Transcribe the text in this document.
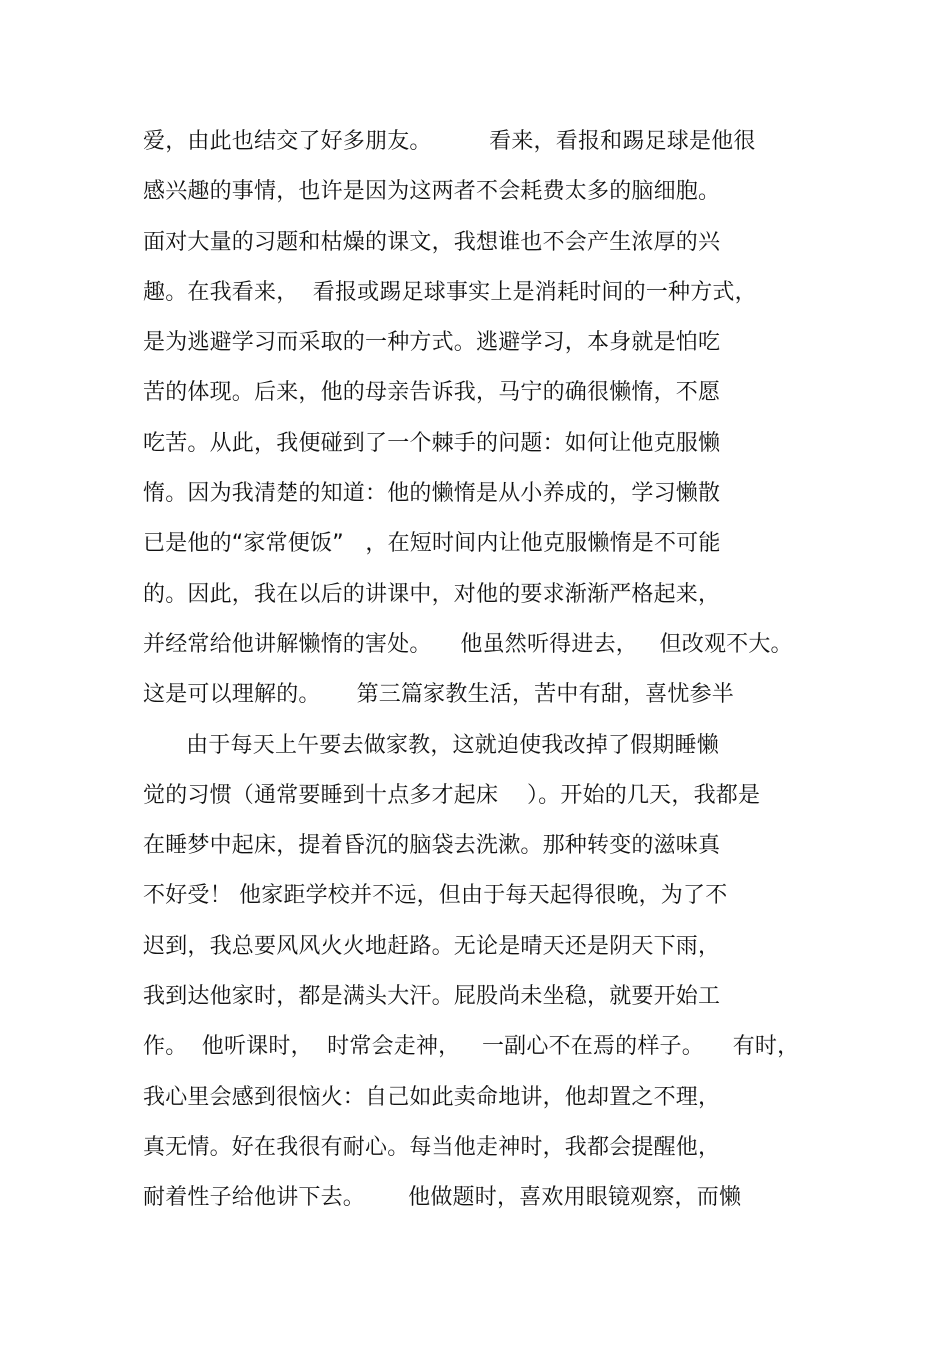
爱，由此也结交了好多朋友。        看来，看报和踢足球是他很
感兴趣的事情，也许是因为这两者不会耗费太多的脑细胞。
面对大量的习题和枯燥的课文，我想谁也不会产生浓厚的兴
趣。在我看来，  看报或踢足球事实上是消耗时间的一种方式，
是为逃避学习而采取的一种方式。逃避学习，本身就是怕吃
苦的体现。后来，他的母亲告诉我，马宁的确很懒惰，不愿
吃苦。从此，我便碰到了一个棘手的问题：如何让他克服懒
惰。因为我清楚的知道：他的懒惰是从小养成的，学习懒散
已是他的“家常便饭”   ，在短时间内让他克服懒惰是不可能
的。因此，我在以后的讲课中，对他的要求渐渐严格起来，
并经常给他讲解懒惰的害处。    他虽然听得进去，   但改观不大。
这是可以理解的。     第三篇家教生活，苦中有甜，喜忧参半
由于每天上午要去做家教，这就迫使我改掉了假期睡懒
觉的习惯（通常要睡到十点多才起床    ）。开始的几天，我都是
在睡梦中起床，提着昏沉的脑袋去洗漱。那种转变的滋味真
不好受！ 他家距学校并不远，但由于每天起得很晚，为了不
迟到，我总要风风火火地赶路。无论是晴天还是阴天下雨，
我到达他家时，都是满头大汗。屁股尚未坐稳，就要开始工
作。  他听课时，  时常会走神，   一副心不在焉的样子。    有时，
我心里会感到很恼火：自己如此卖命地讲，他却置之不理，
真无情。好在我很有耐心。每当他走神时，我都会提醒他，
耐着性子给他讲下去。      他做题时，喜欢用眼镜观察，而懒
